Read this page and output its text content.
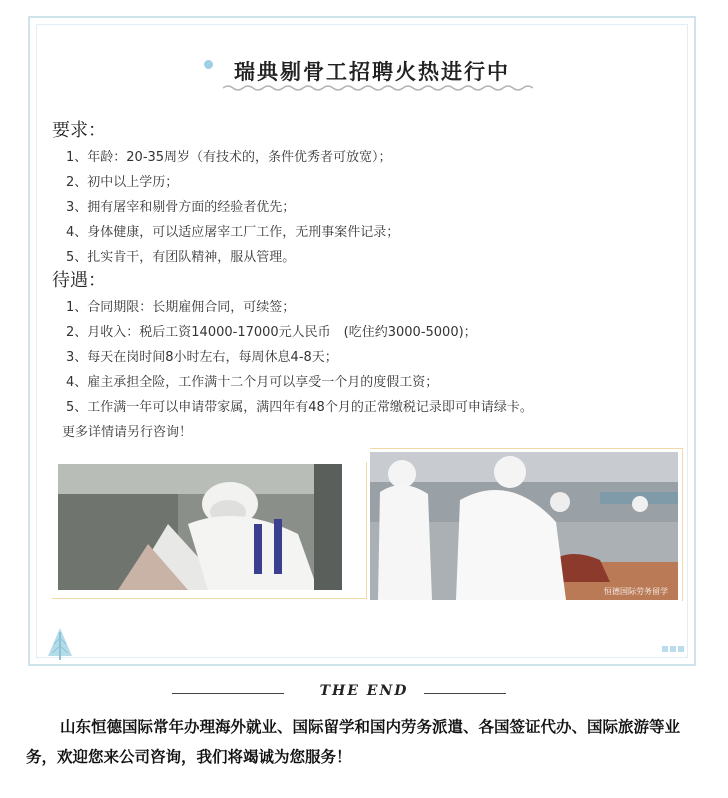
瑞典剔骨工招聘火热进行中
要求：
1、年龄：20-35周岁（有技术的，条件优秀者可放宽）；
2、初中以上学历；
3、拥有屠宰和剔骨方面的经验者优先；
4、身体健康，可以适应屠宰工厂工作，无刑事案件记录；
5、扎实肯干，有团队精神，服从管理。
待遇：
1、合同期限：长期雇佣合同，可续签；
2、月收入：税后工资14000-17000元人民币　(吃住约3000-5000)；
3、每天在岗时间8小时左右，每周休息4-8天；
4、雇主承担全险，工作满十二个月可以享受一个月的度假工资；
5、工作满一年可以申请带家属，满四年有48个月的正常缴税记录即可申请绿卡。
更多详情请另行咨询！
恒德国际劳务留学
THE END
山东恒德国际常年办理海外就业、国际留学和国内劳务派遣、各国签证代办、国际旅游等业务，欢迎您来公司咨询，我们将竭诚为您服务！
